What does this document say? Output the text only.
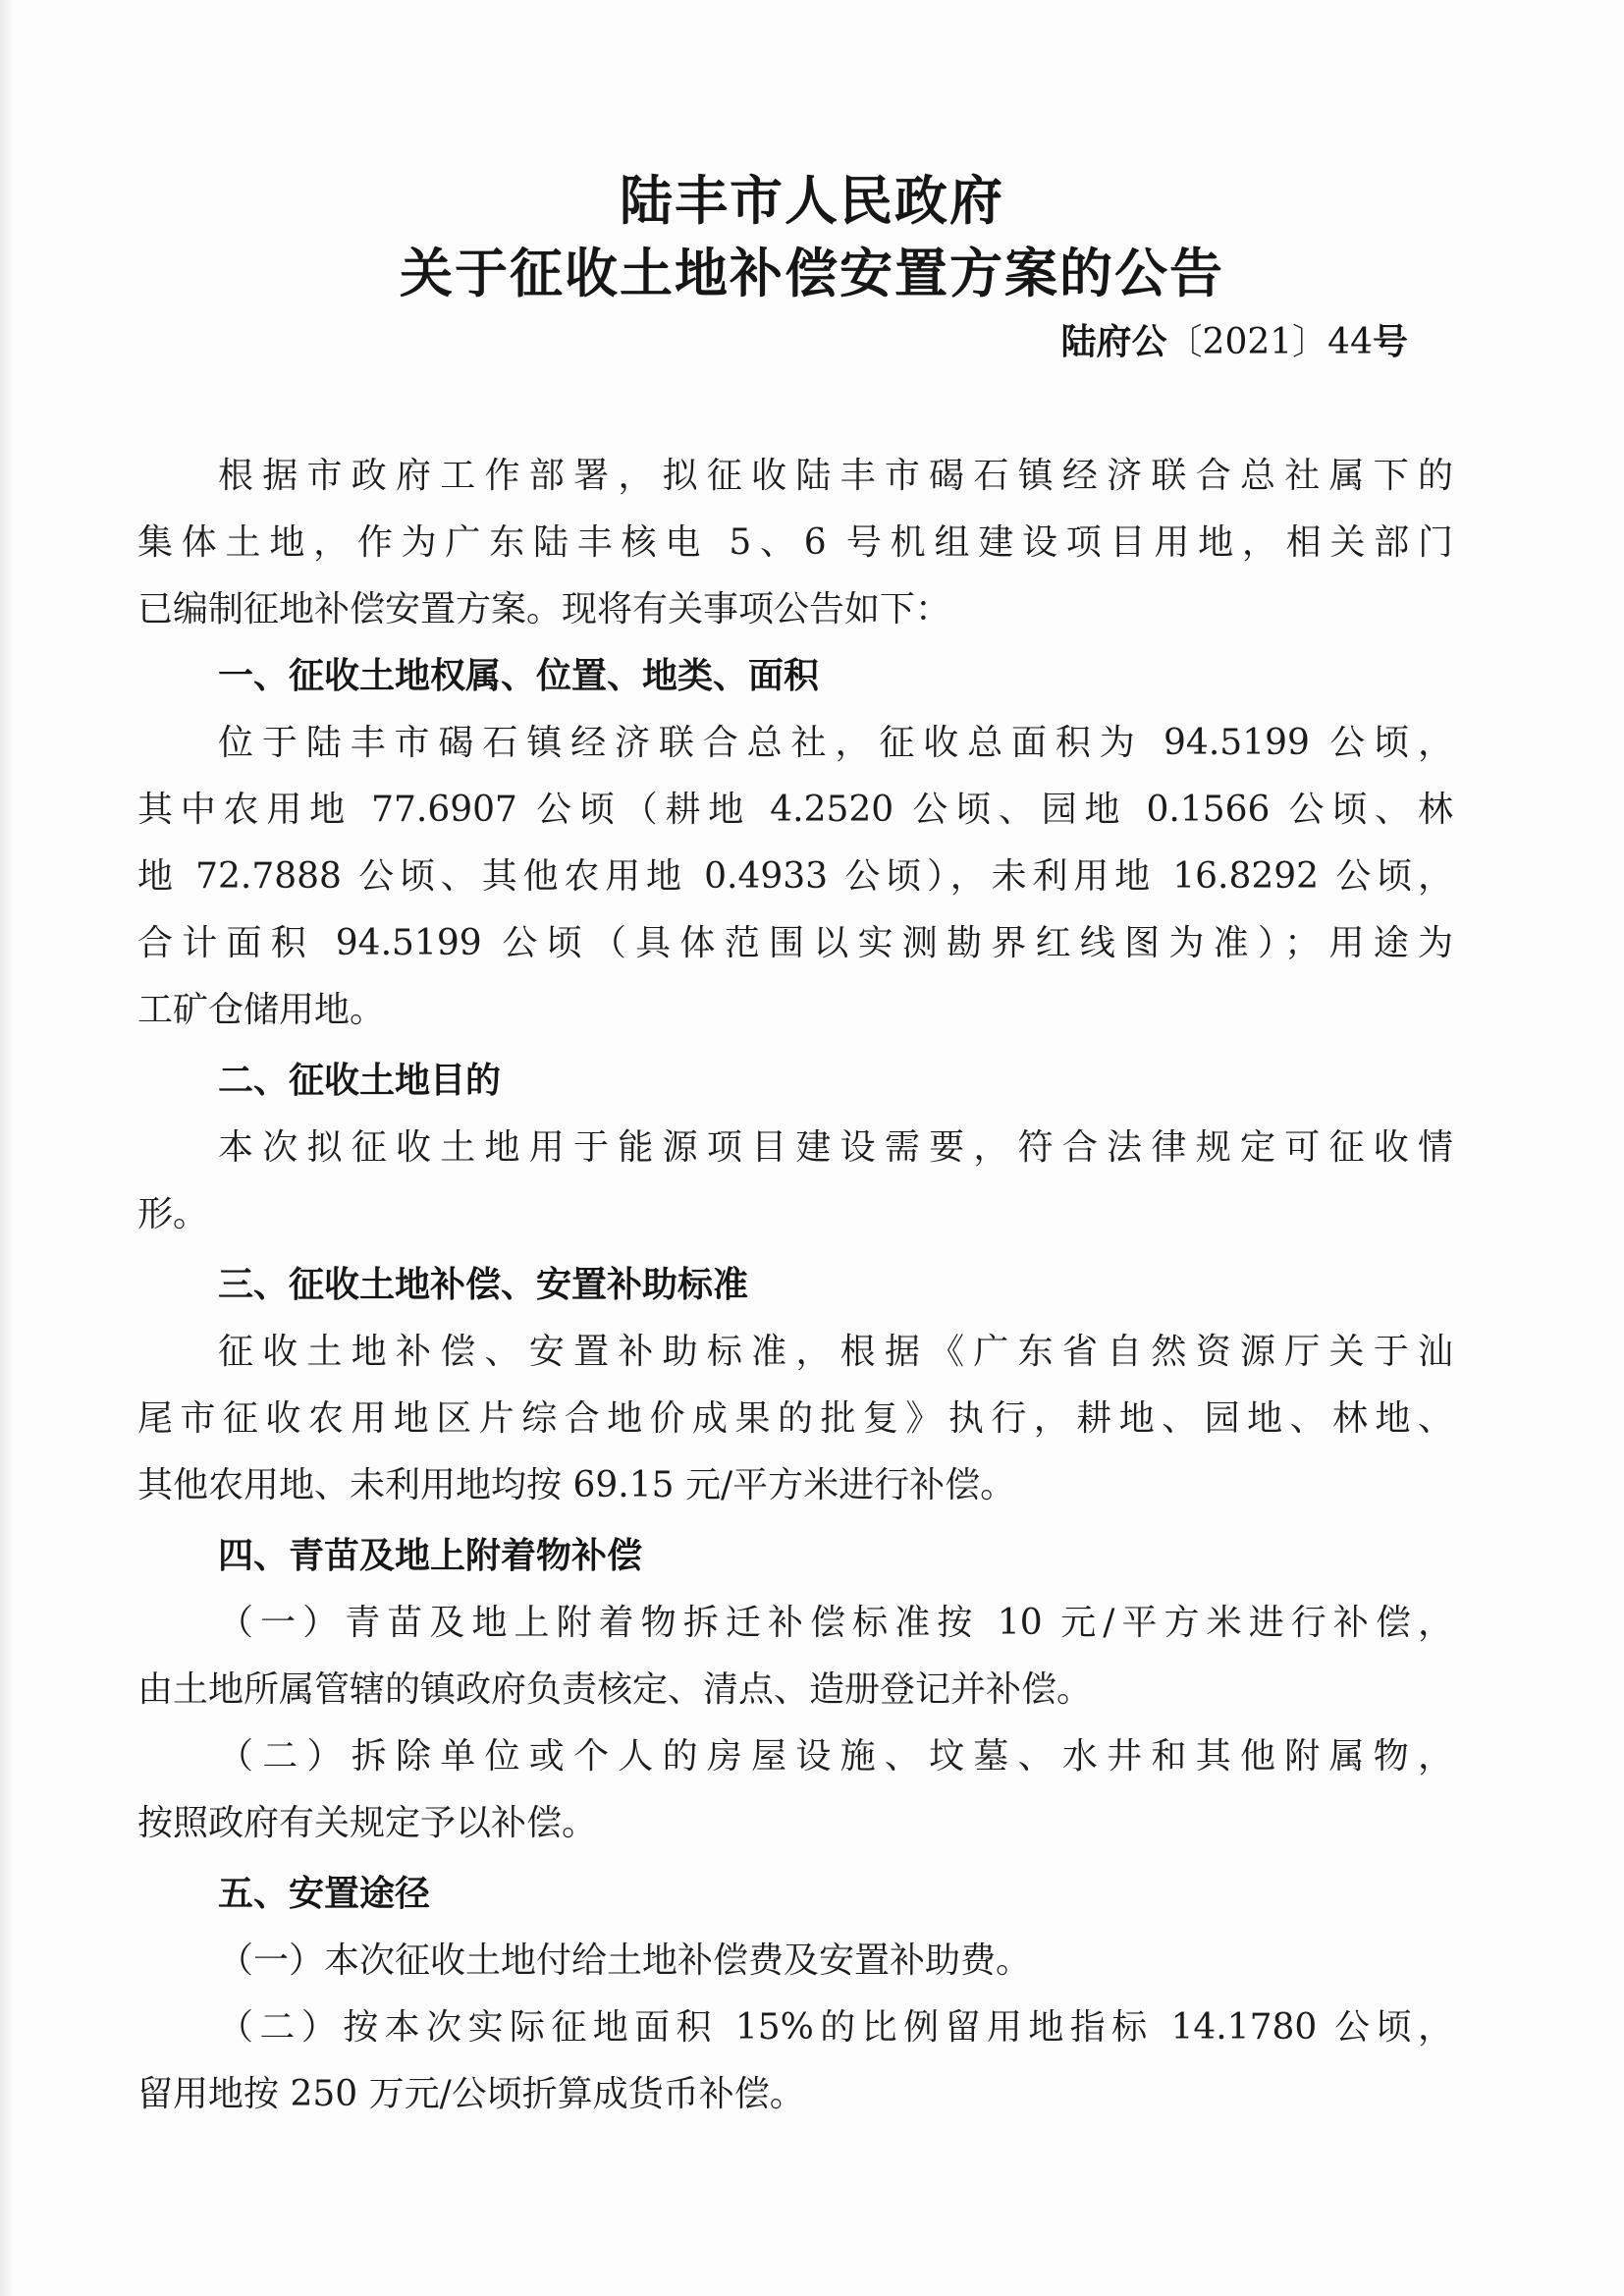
陆丰市人民政府
关于征收土地补偿安置方案的公告
陆府公〔2021〕44号
根据市政府工作部署，拟征收陆丰市碣石镇经济联合总社属下的
集体土地，作为广东陆丰核电 5、6 号机组建设项目用地，相关部门
已编制征地补偿安置方案。现将有关事项公告如下：
一、征收土地权属、位置、地类、面积
位于陆丰市碣石镇经济联合总社，征收总面积为 94.5199 公顷，
其中农用地 77.6907 公顷（耕地 4.2520 公顷、园地 0.1566 公顷、林
地 72.7888 公顷、其他农用地 0.4933 公顷），未利用地 16.8292 公顷，
合计面积 94.5199 公顷（具体范围以实测勘界红线图为准）；用途为
工矿仓储用地。
二、征收土地目的
本次拟征收土地用于能源项目建设需要，符合法律规定可征收情
形。
三、征收土地补偿、安置补助标准
征收土地补偿、安置补助标准，根据《广东省自然资源厅关于汕
尾市征收农用地区片综合地价成果的批复》执行，耕地、园地、林地、
其他农用地、未利用地均按 69.15 元/平方米进行补偿。
四、青苗及地上附着物补偿
（一）青苗及地上附着物拆迁补偿标准按 10 元/平方米进行补偿，
由土地所属管辖的镇政府负责核定、清点、造册登记并补偿。
（二）拆除单位或个人的房屋设施、坟墓、水井和其他附属物，
按照政府有关规定予以补偿。
五、安置途径
（一）本次征收土地付给土地补偿费及安置补助费。
（二）按本次实际征地面积 15%的比例留用地指标 14.1780 公顷，
留用地按 250 万元/公顷折算成货币补偿。
